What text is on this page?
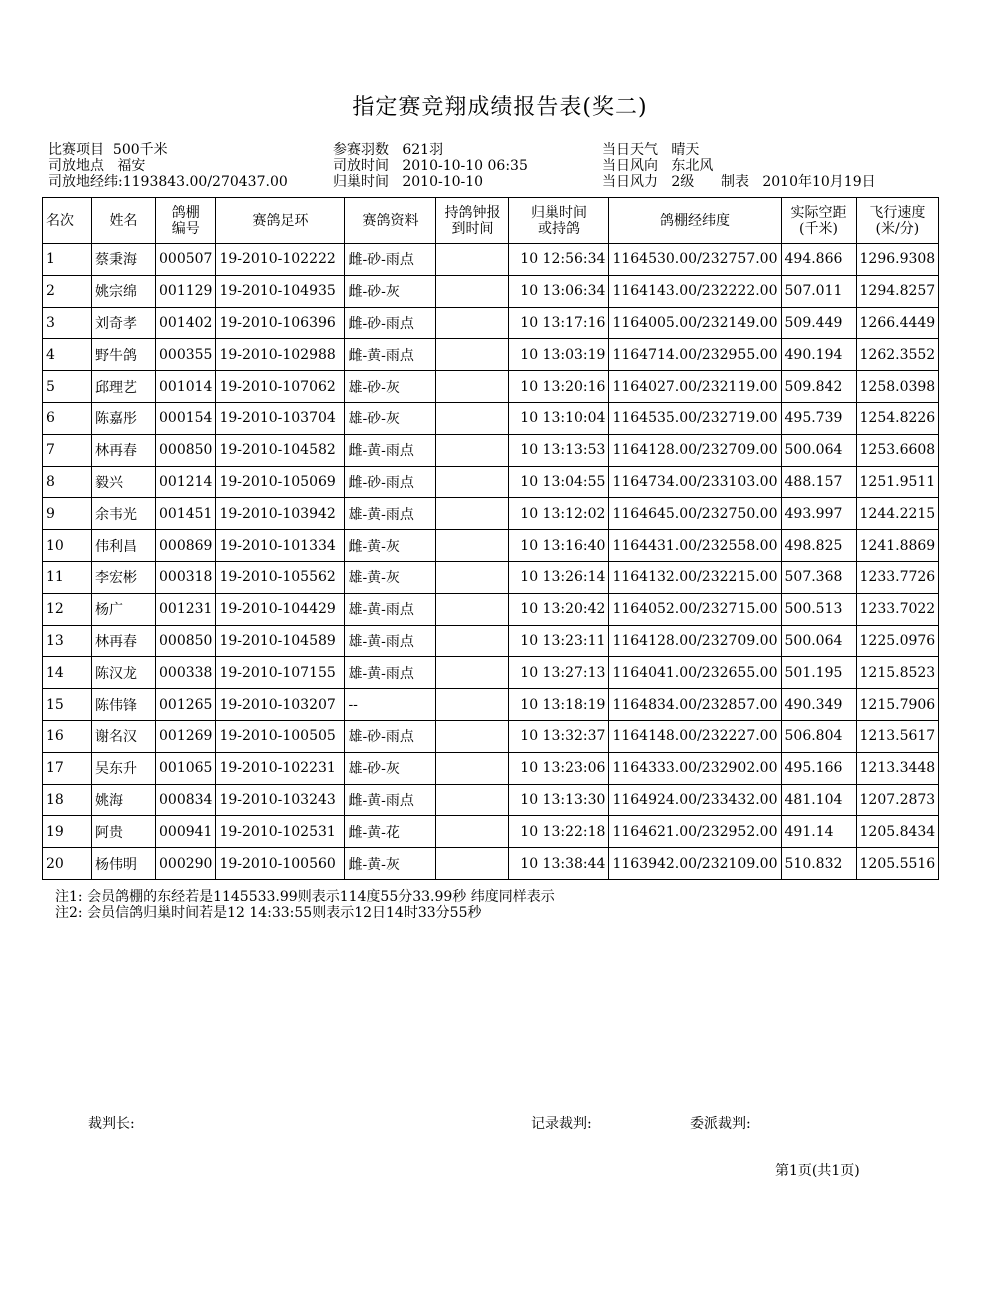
指定赛竞翔成绩报告表(奖二)
比赛项目 500千米	参赛羽数 621羽	当日天气 晴天
司放地点 福安	司放时间 2010-10-10 06:35	当日风向 东北风
司放地经纬:1193843.00/270437.00	归巢时间 2010-10-10	当日风力 2级 制表 2010年10月19日
名次	姓名	鸽棚编号	赛鸽足环	赛鸽资料	持鸽钟报到时间	归巢时间或持鸽	鸽棚经纬度	实际空距(千米)	飞行速度(米/分)
1	蔡秉海	000507	19-2010-102222	雌-砂-雨点		10 12:56:34	1164530.00/232757.00	494.866	1296.9308
2	姚宗绵	001129	19-2010-104935	雌-砂-灰		10 13:06:34	1164143.00/232222.00	507.011	1294.8257
3	刘奇孝	001402	19-2010-106396	雌-砂-雨点		10 13:17:16	1164005.00/232149.00	509.449	1266.4449
4	野牛鸽	000355	19-2010-102988	雌-黄-雨点		10 13:03:19	1164714.00/232955.00	490.194	1262.3552
5	邱理艺	001014	19-2010-107062	雄-砂-灰		10 13:20:16	1164027.00/232119.00	509.842	1258.0398
6	陈嘉彤	000154	19-2010-103704	雄-砂-灰		10 13:10:04	1164535.00/232719.00	495.739	1254.8226
7	林再春	000850	19-2010-104582	雌-黄-雨点		10 13:13:53	1164128.00/232709.00	500.064	1253.6608
8	毅兴	001214	19-2010-105069	雌-砂-雨点		10 13:04:55	1164734.00/233103.00	488.157	1251.9511
9	余韦光	001451	19-2010-103942	雄-黄-雨点		10 13:12:02	1164645.00/232750.00	493.997	1244.2215
10	伟利昌	000869	19-2010-101334	雌-黄-灰		10 13:16:40	1164431.00/232558.00	498.825	1241.8869
11	李宏彬	000318	19-2010-105562	雄-黄-灰		10 13:26:14	1164132.00/232215.00	507.368	1233.7726
12	杨广	001231	19-2010-104429	雄-黄-雨点		10 13:20:42	1164052.00/232715.00	500.513	1233.7022
13	林再春	000850	19-2010-104589	雄-黄-雨点		10 13:23:11	1164128.00/232709.00	500.064	1225.0976
14	陈汉龙	000338	19-2010-107155	雄-黄-雨点		10 13:27:13	1164041.00/232655.00	501.195	1215.8523
15	陈伟锋	001265	19-2010-103207	--		10 13:18:19	1164834.00/232857.00	490.349	1215.7906
16	谢名汉	001269	19-2010-100505	雄-砂-雨点		10 13:32:37	1164148.00/232227.00	506.804	1213.5617
17	吴东升	001065	19-2010-102231	雄-砂-灰		10 13:23:06	1164333.00/232902.00	495.166	1213.3448
18	姚海	000834	19-2010-103243	雌-黄-雨点		10 13:13:30	1164924.00/233432.00	481.104	1207.2873
19	阿贵	000941	19-2010-102531	雌-黄-花		10 13:22:18	1164621.00/232952.00	491.14	1205.8434
20	杨伟明	000290	19-2010-100560	雌-黄-灰		10 13:38:44	1163942.00/232109.00	510.832	1205.5516
注1: 会员鸽棚的东经若是1145533.99则表示114度55分33.99秒 纬度同样表示
注2: 会员信鸽归巢时间若是12 14:33:55则表示12日14时33分55秒
裁判长:	记录裁判:	委派裁判:
第1页(共1页)
